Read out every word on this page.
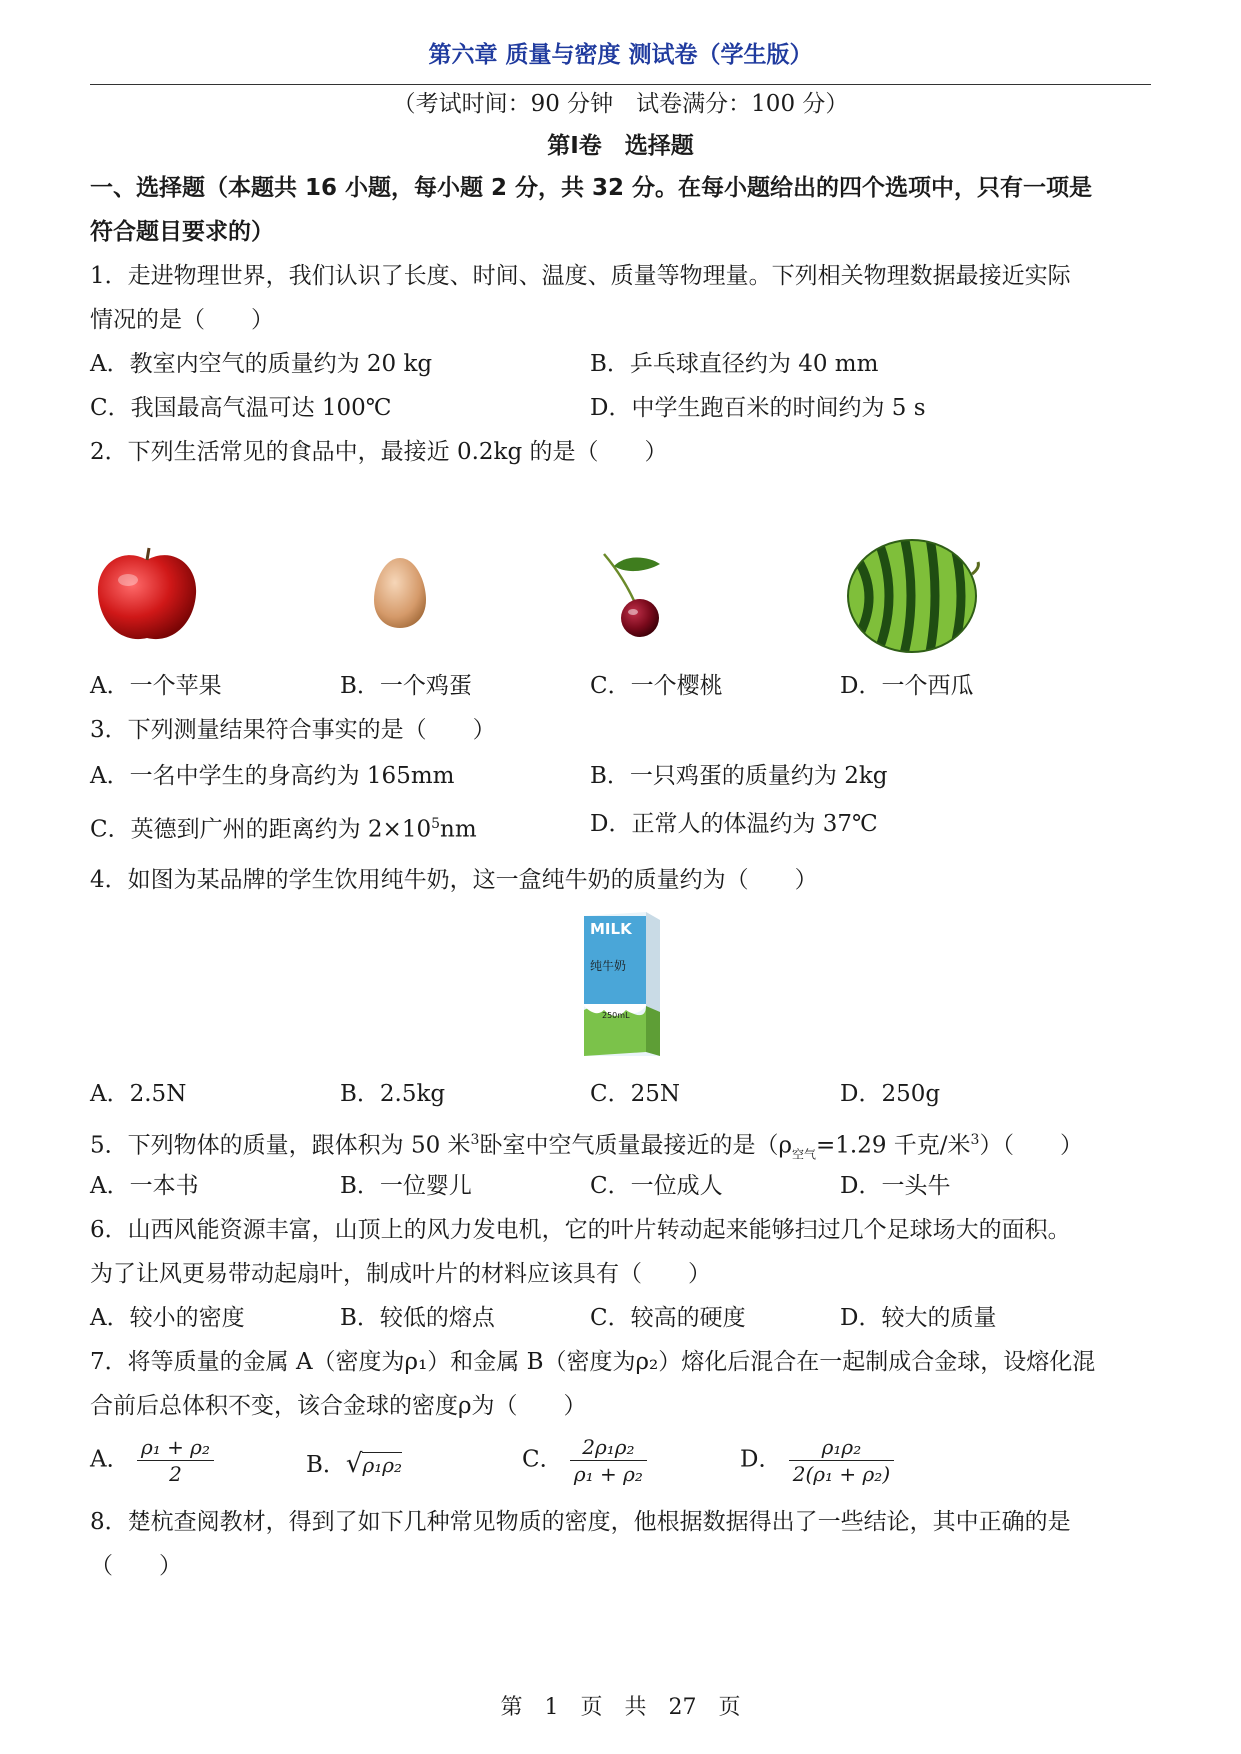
第六章 质量与密度 测试卷（学生版）
（考试时间：90 分钟　试卷满分：100 分）
第Ⅰ卷　选择题
一、选择题（本题共 16 小题，每小题 2 分，共 32 分。在每小题给出的四个选项中，只有一项是
符合题目要求的）
1．走进物理世界，我们认识了长度、时间、温度、质量等物理量。下列相关物理数据最接近实际
情况的是（　　）
A．教室内空气的质量约为 20 kg	B．乒乓球直径约为 40 mm
C．我国最高气温可达 100℃	D．中学生跑百米的时间约为 5 s
2．下列生活常见的食品中，最接近 0.2kg 的是（　　）
A．一个苹果	B．一个鸡蛋	C．一个樱桃	D．一个西瓜
3．下列测量结果符合事实的是（　　）
A．一名中学生的身高约为 165mm	B．一只鸡蛋的质量约为 2kg
C．英德到广州的距离约为 $2\times 10^5nm$	D．正常人的体温约为 37℃
4．如图为某品牌的学生饮用纯牛奶，这一盒纯牛奶的质量约为（　　）
MILK
纯牛奶
250mL
A．2.5N	B．2.5kg	C．25N	D．250g
5．下列物体的质量，跟体积为 50 米$^3$卧室中空气质量最接近的是（$\rho_{空气}=1.29$ 千克/米$^3$）（　　）
A．一本书	B．一位婴儿	C．一位成人	D．一头牛
6．山西风能资源丰富，山顶上的风力发电机，它的叶片转动起来能够扫过几个足球场大的面积。
为了让风更易带动起扇叶，制成叶片的材料应该具有（　　）
A．较小的密度	B．较低的熔点	C．较高的硬度	D．较大的质量
7．将等质量的金属 A（密度为ρ₁）和金属 B（密度为ρ₂）熔化后混合在一起制成合金球，设熔化混
合前后总体积不变，该合金球的密度ρ为（　　）
A． $\frac{\text{ρ₁ + ρ₂}}{2}$	B．√ρ₁ρ₂	C． $\frac{\text{2ρ₁ρ₂}}{\text{ρ₁ + ρ₂}}$	D． $\frac{\text{ρ₁ρ₂}}{\text{2(ρ₁ + ρ₂)}}$
8．楚杭查阅教材，得到了如下几种常见物质的密度，他根据数据得出了一些结论，其中正确的是
（　　）
第　1　页　共　27　页
